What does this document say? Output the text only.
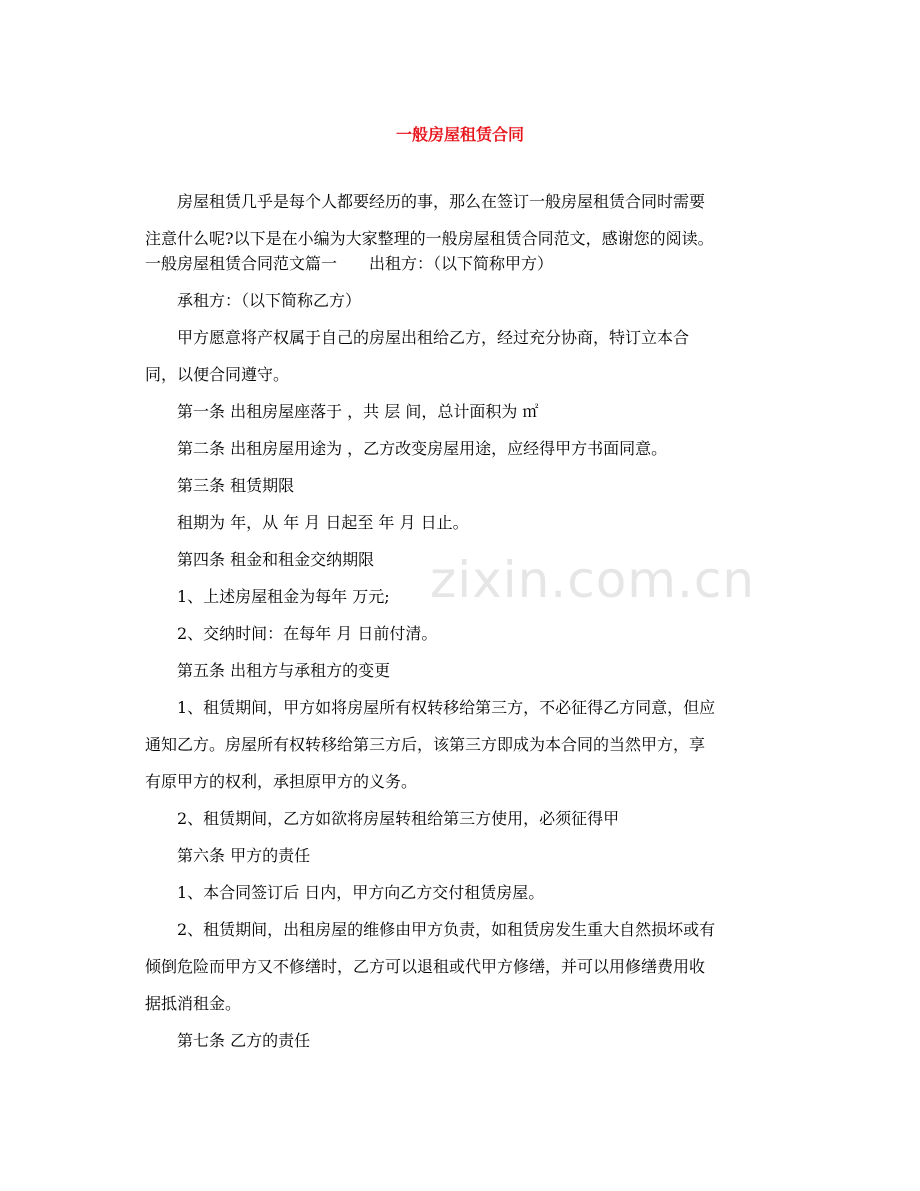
一般房屋租赁合同
zixin.com.cn
　　房屋租赁几乎是每个人都要经历的事，那么在签订一般房屋租赁合同时需要
注意什么呢?以下是在小编为大家整理的一般房屋租赁合同范文，感谢您的阅读。
一般房屋租赁合同范文篇一　　出租方：（以下简称甲方）
　　承租方：（以下简称乙方）
　　甲方愿意将产权属于自己的房屋出租给乙方，经过充分协商，特订立本合
同，以便合同遵守。
　　第一条 出租房屋座落于 ，共 层 间，总计面积为 ㎡
　　第二条 出租房屋用途为 ，乙方改变房屋用途，应经得甲方书面同意。
　　第三条 租赁期限
　　租期为 年，从 年 月 日起至 年 月 日止。
　　第四条 租金和租金交纳期限
　　1、上述房屋租金为每年 万元;
　　2、交纳时间：在每年 月 日前付清。
　　第五条 出租方与承租方的变更
　　1、租赁期间，甲方如将房屋所有权转移给第三方，不必征得乙方同意，但应
通知乙方。房屋所有权转移给第三方后，该第三方即成为本合同的当然甲方，享
有原甲方的权利，承担原甲方的义务。
　　2、租赁期间，乙方如欲将房屋转租给第三方使用，必须征得甲
　　第六条 甲方的责任
　　1、本合同签订后 日内，甲方向乙方交付租赁房屋。
　　2、租赁期间，出租房屋的维修由甲方负责，如租赁房发生重大自然损坏或有
倾倒危险而甲方又不修缮时，乙方可以退租或代甲方修缮，并可以用修缮费用收
据抵消租金。
　　第七条 乙方的责任
